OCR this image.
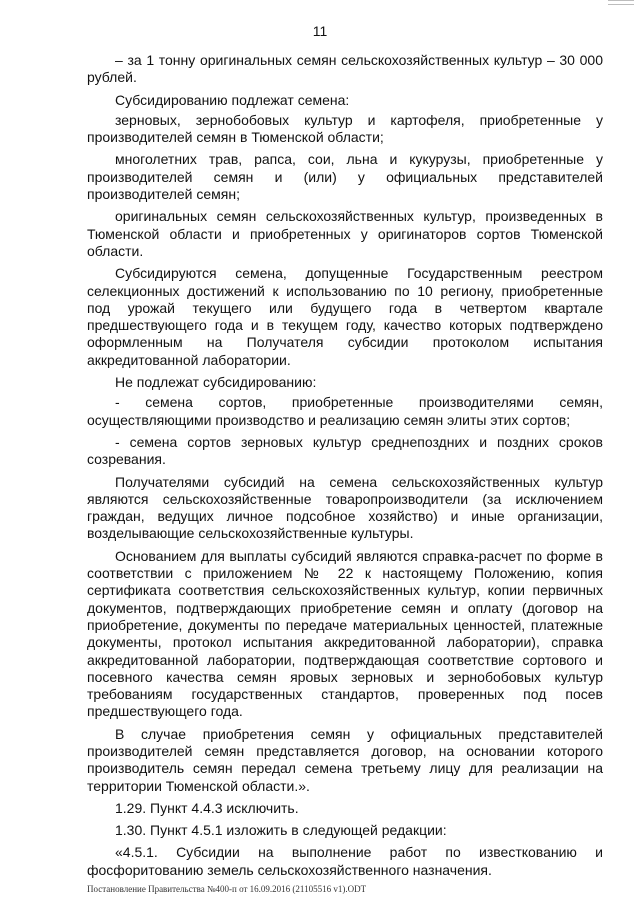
11

– за 1 тонну оригинальных семян сельскохозяйственных культур – 30 000 рублей.

Субсидированию подлежат семена:

зерновых, зернобобовых культур и картофеля, приобретенные у производителей семян в Тюменской области;

многолетних трав, рапса, сои, льна и кукурузы, приобретенные у производителей семян и (или) у официальных представителей производителей семян;

оригинальных семян сельскохозяйственных культур, произведенных в Тюменской области и приобретенных у оригинаторов сортов Тюменской области.

Субсидируются семена, допущенные Государственным реестром селекционных достижений к использованию по 10 региону, приобретенные под урожай текущего или будущего года в четвертом квартале предшествующего года и в текущем году, качество которых подтверждено оформленным на Получателя субсидии протоколом испытания аккредитованной лаборатории.

Не подлежат субсидированию:

- семена сортов, приобретенные производителями семян, осуществляющими производство и реализацию семян элиты этих сортов;

- семена сортов зерновых культур среднепоздних и поздних сроков созревания.

Получателями субсидий на семена сельскохозяйственных культур являются сельскохозяйственные товаропроизводители (за исключением граждан, ведущих личное подсобное хозяйство) и иные организации, возделывающие сельскохозяйственные культуры.

Основанием для выплаты субсидий являются справка-расчет по форме в соответствии с приложением № 22 к настоящему Положению, копия сертификата соответствия сельскохозяйственных культур, копии первичных документов, подтверждающих приобретение семян и оплату (договор на приобретение, документы по передаче материальных ценностей, платежные документы, протокол испытания аккредитованной лаборатории), справка аккредитованной лаборатории, подтверждающая соответствие сортового и посевного качества семян яровых зерновых и зернобобовых культур требованиям государственных стандартов, проверенных под посев предшествующего года.

В случае приобретения семян у официальных представителей производителей семян представляется договор, на основании которого производитель семян передал семена третьему лицу для реализации на территории Тюменской области.».

1.29. Пункт 4.4.3 исключить.

1.30. Пункт 4.5.1 изложить в следующей редакции:

«4.5.1. Субсидии на выполнение работ по известкованию и фосфоритованию земель сельскохозяйственного назначения.

Постановление Правительства №400-п от 16.09.2016 (21105516 v1).ODT
